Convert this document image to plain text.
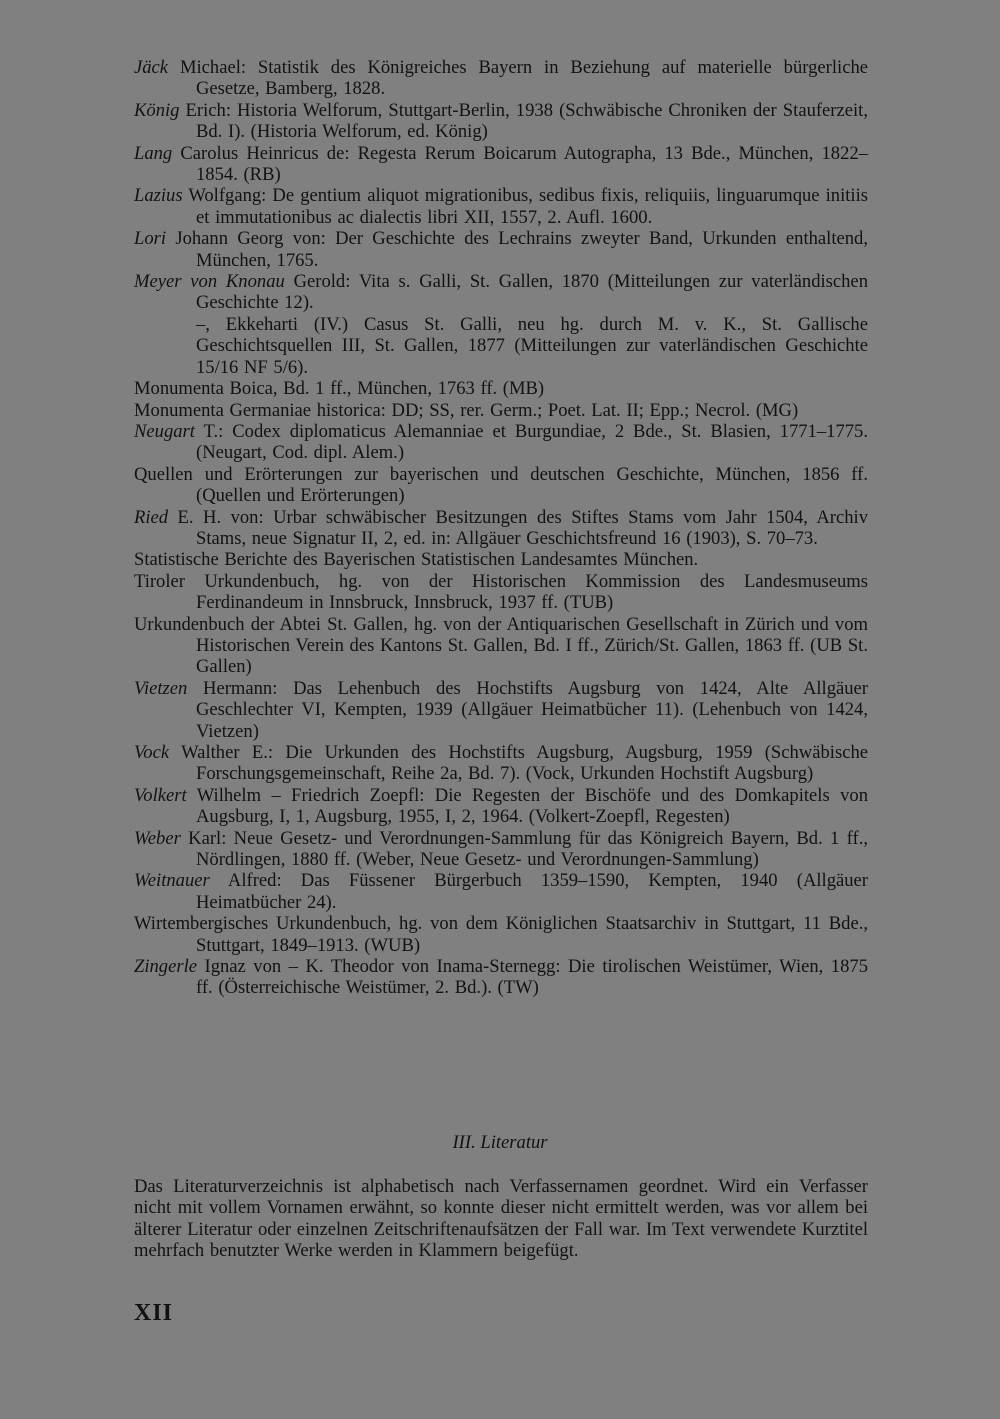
Jäck Michael: Statistik des Königreiches Bayern in Beziehung auf materielle bürgerliche Gesetze, Bamberg, 1828.

König Erich: Historia Welforum, Stuttgart-Berlin, 1938 (Schwäbische Chroniken der Stauferzeit, Bd. I). (Historia Welforum, ed. König)

Lang Carolus Heinricus de: Regesta Rerum Boicarum Autographa, 13 Bde., München, 1822–1854. (RB)

Lazius Wolfgang: De gentium aliquot migrationibus, sedibus fixis, reliquiis, linguarumque initiis et immutationibus ac dialectis libri XII, 1557, 2. Aufl. 1600.

Lori Johann Georg von: Der Geschichte des Lechrains zweyter Band, Urkunden enthaltend, München, 1765.

Meyer von Knonau Gerold: Vita s. Galli, St. Gallen, 1870 (Mitteilungen zur vaterländischen Geschichte 12).

–, Ekkeharti (IV.) Casus St. Galli, neu hg. durch M. v. K., St. Gallische Geschichtsquellen III, St. Gallen, 1877 (Mitteilungen zur vaterländischen Geschichte 15/16 NF 5/6).

Monumenta Boica, Bd. 1 ff., München, 1763 ff. (MB)

Monumenta Germaniae historica: DD; SS, rer. Germ.; Poet. Lat. II; Epp.; Necrol. (MG)

Neugart T.: Codex diplomaticus Alemanniae et Burgundiae, 2 Bde., St. Blasien, 1771–1775. (Neugart, Cod. dipl. Alem.)

Quellen und Erörterungen zur bayerischen und deutschen Geschichte, München, 1856 ff. (Quellen und Erörterungen)

Ried E. H. von: Urbar schwäbischer Besitzungen des Stiftes Stams vom Jahr 1504, Archiv Stams, neue Signatur II, 2, ed. in: Allgäuer Geschichtsfreund 16 (1903), S. 70–73.

Statistische Berichte des Bayerischen Statistischen Landesamtes München.

Tiroler Urkundenbuch, hg. von der Historischen Kommission des Landesmuseums Ferdinandeum in Innsbruck, Innsbruck, 1937 ff. (TUB)

Urkundenbuch der Abtei St. Gallen, hg. von der Antiquarischen Gesellschaft in Zürich und vom Historischen Verein des Kantons St. Gallen, Bd. I ff., Zürich/St. Gallen, 1863 ff. (UB St. Gallen)

Vietzen Hermann: Das Lehenbuch des Hochstifts Augsburg von 1424, Alte Allgäuer Geschlechter VI, Kempten, 1939 (Allgäuer Heimatbücher 11). (Lehenbuch von 1424, Vietzen)

Vock Walther E.: Die Urkunden des Hochstifts Augsburg, Augsburg, 1959 (Schwäbische Forschungsgemeinschaft, Reihe 2a, Bd. 7). (Vock, Urkunden Hochstift Augsburg)

Volkert Wilhelm – Friedrich Zoepfl: Die Regesten der Bischöfe und des Domkapitels von Augsburg, I, 1, Augsburg, 1955, I, 2, 1964. (Volkert-Zoepfl, Regesten)

Weber Karl: Neue Gesetz- und Verordnungen-Sammlung für das Königreich Bayern, Bd. 1 ff., Nördlingen, 1880 ff. (Weber, Neue Gesetz- und Verordnungen-Sammlung)

Weitnauer Alfred: Das Füssener Bürgerbuch 1359–1590, Kempten, 1940 (Allgäuer Heimatbücher 24).

Wirtembergisches Urkundenbuch, hg. von dem Königlichen Staatsarchiv in Stuttgart, 11 Bde., Stuttgart, 1849–1913. (WUB)

Zingerle Ignaz von – K. Theodor von Inama-Sternegg: Die tirolischen Weistümer, Wien, 1875 ff. (Österreichische Weistümer, 2. Bd.). (TW)

III. Literatur

Das Literaturverzeichnis ist alphabetisch nach Verfassernamen geordnet. Wird ein Verfasser nicht mit vollem Vornamen erwähnt, so konnte dieser nicht ermittelt werden, was vor allem bei älterer Literatur oder einzelnen Zeitschriftenaufsätzen der Fall war. Im Text verwendete Kurztitel mehrfach benutzter Werke werden in Klammern beigefügt.

XII
